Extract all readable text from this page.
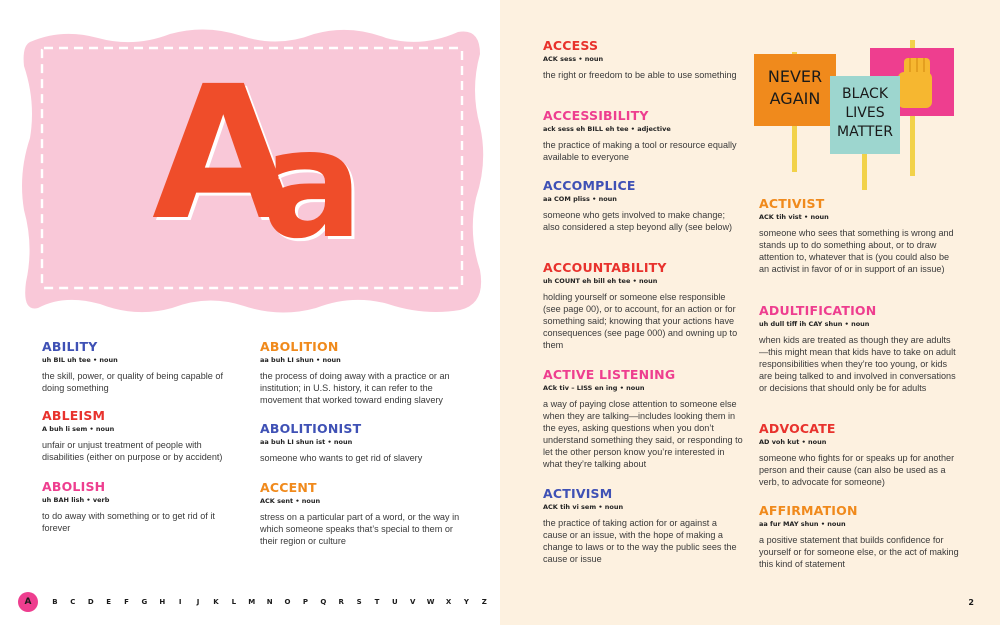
A
a
ABILITY
uh BIL uh tee • noun
the skill, power, or quality of being capable of doing something
ABLEISM
A buh li sem • noun
unfair or unjust treatment of people with disabilities (either on purpose or by accident)
ABOLISH
uh BAH lish • verb
to do away with something or to get rid of it forever
ABOLITION
aa buh LI shun • noun
the process of doing away with a practice or an institution; in U.S. history, it can refer to the movement that worked toward ending slavery
ABOLITIONIST
aa buh LI shun ist • noun
someone who wants to get rid of slavery
ACCENT
ACK sent • noun
stress on a particular part of a word, or the way in which someone speaks that’s special to them or their region or culture
A	B	C	D	E	F	G	H	I	J	K	L	M	N	O	P	Q	R	S	T	U	V	W	X	Y	Z
ACCESS
ACK sess • noun
the right or freedom to be able to use something
ACCESSIBILITY
ack sess eh BILL eh tee • adjective
the practice of making a tool or resource equally available to everyone
ACCOMPLICE
aa COM pliss • noun
someone who gets involved to make change; also considered a step beyond ally (see below)
ACCOUNTABILITY
uh COUNT eh bill eh tee • noun
holding yourself or someone else responsible (see page 00), or to account, for an action or for something said; knowing that your actions have consequences (see page 000) and owning up to them
ACTIVE LISTENING
ACk tiv – LISS en ing • noun
a way of paying close attention to someone else when they are talking—includes looking them in the eyes, asking questions when you don’t understand something they said, or responding to let the other person know you’re interested in what they’re talking about
ACTIVISM
ACK tih vi sem • noun
the practice of taking action for or against a cause or an issue, with the hope of making a change to laws or to the way the public sees the cause or issue
ACTIVIST
ACK tih vist • noun
someone who sees that something is wrong and stands up to do something about, or to draw attention to, whatever that is (you could also be an activist in favor of or in support of an issue)
ADULTIFICATION
uh dull tiff ih CAY shun • noun
when kids are treated as though they are adults—this might mean that kids have to take on adult responsibilities when they’re too young, or kids are being talked to and involved in conversations or decisions that should only be for adults
ADVOCATE
AD voh kut • noun
someone who fights for or speaks up for another person and their cause (can also be used as a verb, to advocate for someone)
AFFIRMATION
aa fur MAY shun • noun
a positive statement that builds confidence for yourself or for someone else, or the act of making this kind of statement
2
NEVER
AGAIN BLACK
LIVES
MATTER
